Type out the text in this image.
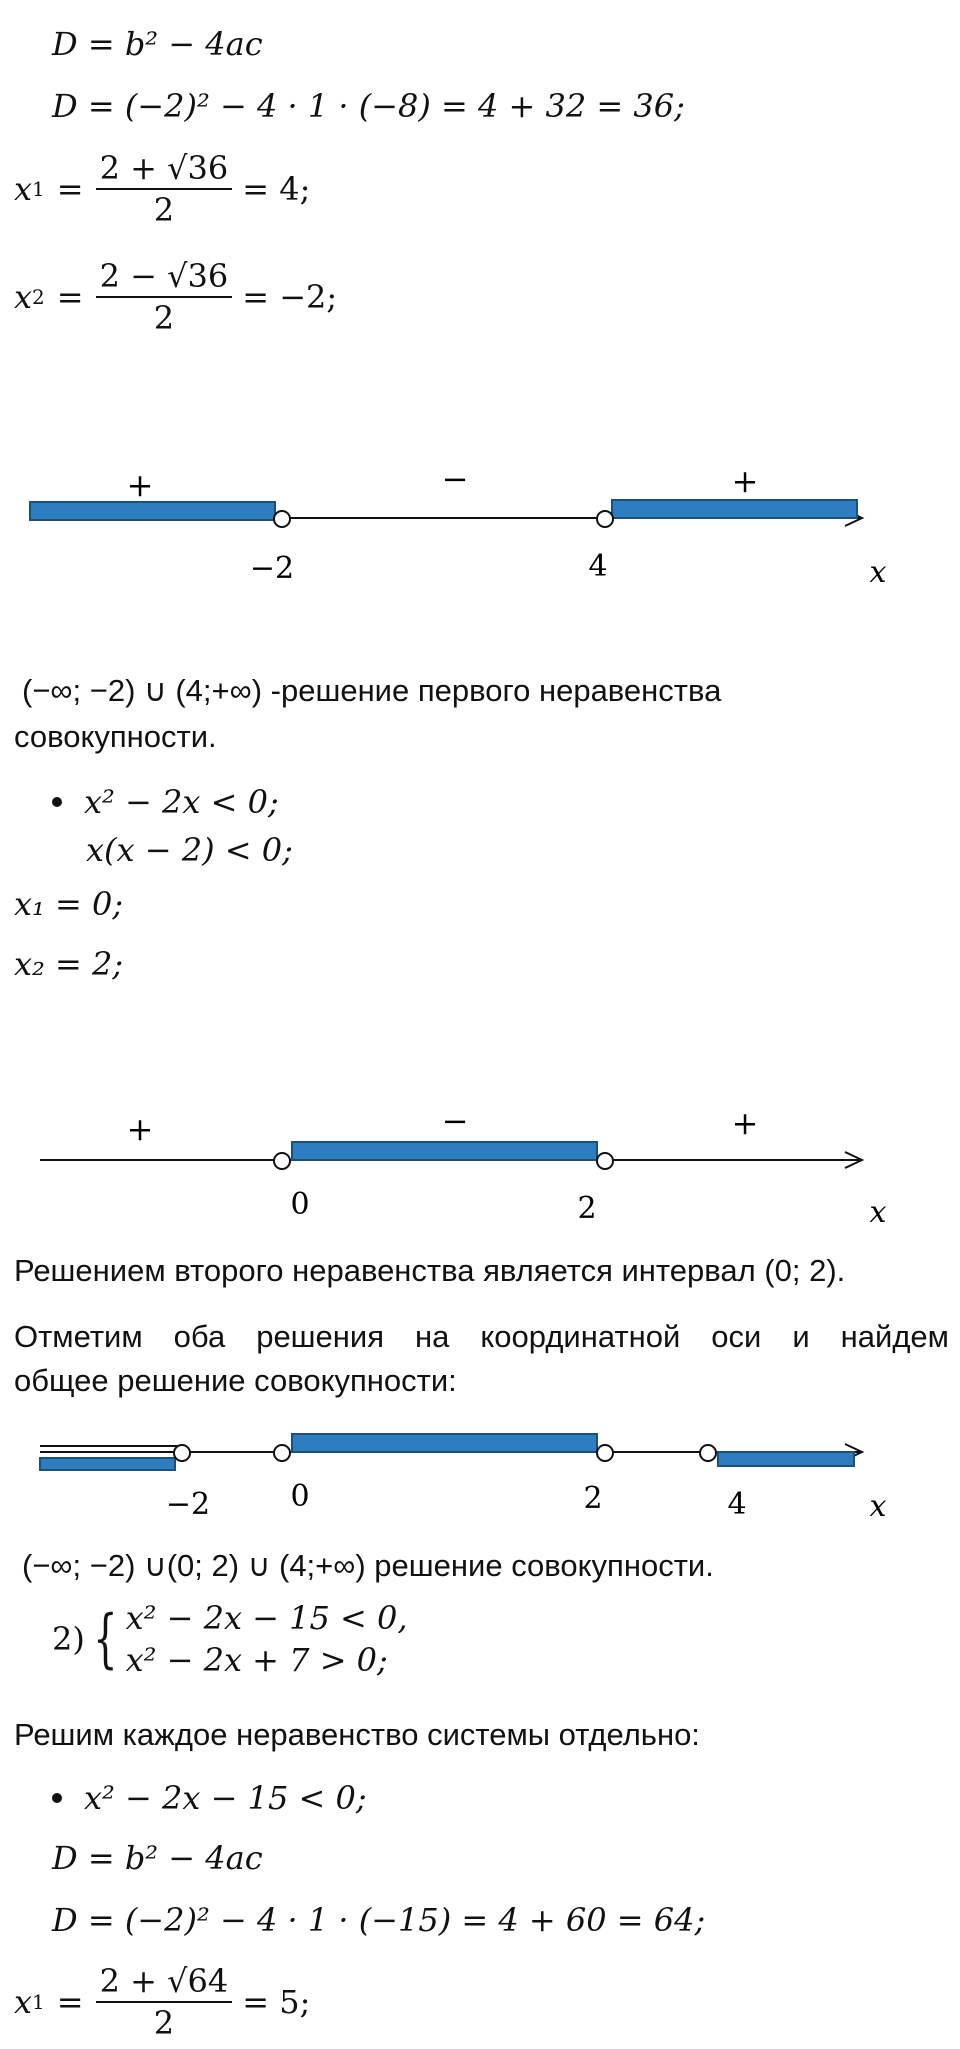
D = b² − 4ac
D = (−2)² − 4 · 1 · (−8) = 4 + 32 = 36;
x $1 = \frac{2 + √36}{2} = 4$;
x $2 = \frac{2 - √36}{2} = -2$;
+	−	+
−2	4	x
(−∞; −2) ∪ (4;+∞) -решение первого неравенства
совокупности.
x² − 2x < 0;
x(x − 2) < 0;
x₁ = 0;
x₂ = 2;
+	−	+
0	2	x
Решением второго неравенства является интервал (0; 2).
Отметим оба решения на координатной оси и найдем
общее решение совокупности:
−2	0	2	4	x
(−∞; −2) ∪(0; 2) ∪ (4;+∞) решение совокупности.
2) { x² − 2x − 15 < 0,
x² − 2x + 7 > 0;
Решим каждое неравенство системы отдельно:
x² − 2x − 15 < 0;
D = b² − 4ac
D = (−2)² − 4 · 1 · (−15) = 4 + 60 = 64;
x $1 = \frac{2 + √64}{2} = 5$;
